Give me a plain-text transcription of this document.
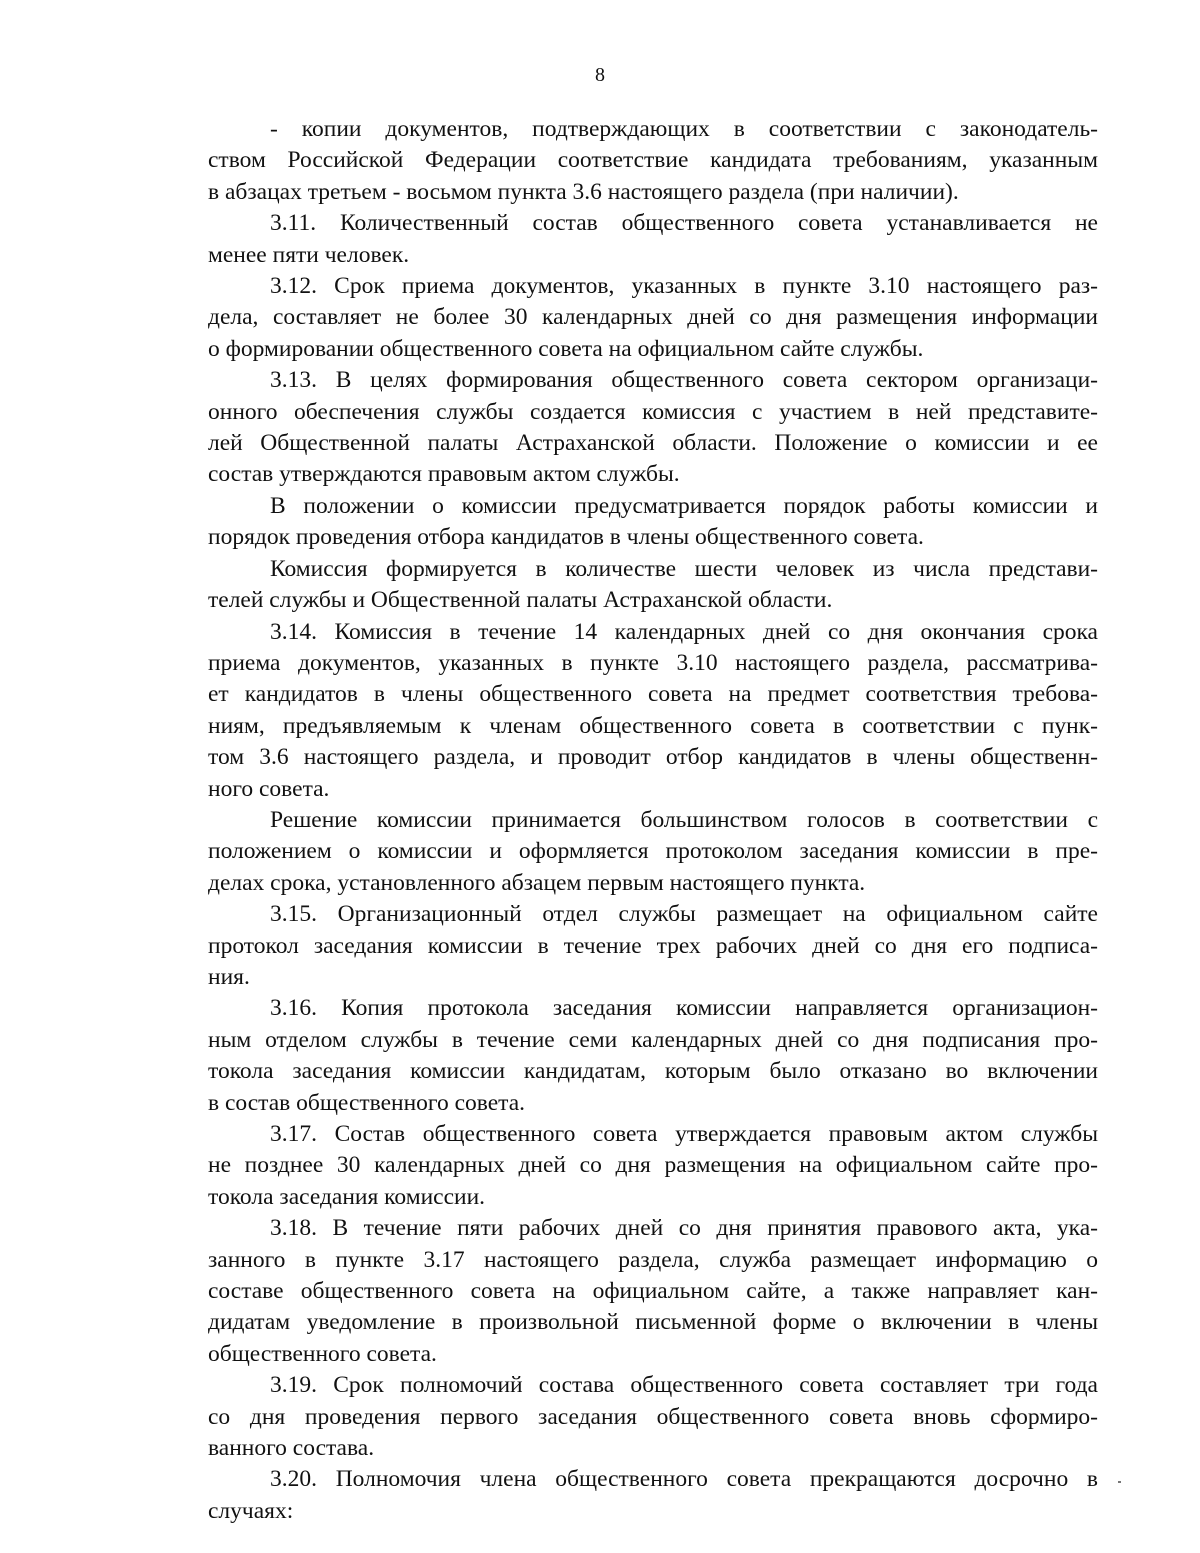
8

- копии документов, подтверждающих в соответствии с законодатель-
ством Российской Федерации соответствие кандидата требованиям, указанным
в абзацах третьем - восьмом пункта 3.6 настоящего раздела (при наличии).

3.11. Количественный состав общественного совета устанавливается не
менее пяти человек.

3.12. Срок приема документов, указанных в пункте 3.10 настоящего раз-
дела, составляет не более 30 календарных дней со дня размещения информации
о формировании общественного совета на официальном сайте службы.

3.13. В целях формирования общественного совета сектором организаци-
онного обеспечения службы создается комиссия с участием в ней представите-
лей Общественной палаты Астраханской области. Положение о комиссии и ее
состав утверждаются правовым актом службы.

В положении о комиссии предусматривается порядок работы комиссии и
порядок проведения отбора кандидатов в члены общественного совета.

Комиссия формируется в количестве шести человек из числа представи-
телей службы и Общественной палаты Астраханской области.

3.14. Комиссия в течение 14 календарных дней со дня окончания срока
приема документов, указанных в пункте 3.10 настоящего раздела, рассматрива-
ет кандидатов в члены общественного совета на предмет соответствия требова-
ниям, предъявляемым к членам общественного совета в соответствии с пунк-
том 3.6 настоящего раздела, и проводит отбор кандидатов в члены общественн-
ного совета.

Решение комиссии принимается большинством голосов в соответствии с
положением о комиссии и оформляется протоколом заседания комиссии в пре-
делах срока, установленного абзацем первым настоящего пункта.

3.15. Организационный отдел службы размещает на официальном сайте
протокол заседания комиссии в течение трех рабочих дней со дня его подписа-
ния.

3.16. Копия протокола заседания комиссии направляется организацион-
ным отделом службы в течение семи календарных дней со дня подписания про-
токола заседания комиссии кандидатам, которым было отказано во включении
в состав общественного совета.

3.17. Состав общественного совета утверждается правовым актом службы
не позднее 30 календарных дней со дня размещения на официальном сайте про-
токола заседания комиссии.

3.18. В течение пяти рабочих дней со дня принятия правового акта, ука-
занного в пункте 3.17 настоящего раздела, служба размещает информацию о
составе общественного совета на официальном сайте, а также направляет кан-
дидатам уведомление в произвольной письменной форме о включении в члены
общественного совета.

3.19. Срок полномочий состава общественного совета составляет три года
со дня проведения первого заседания общественного совета вновь сформиро-
ванного состава.

3.20. Полномочия члена общественного совета прекращаются досрочно в
случаях:
